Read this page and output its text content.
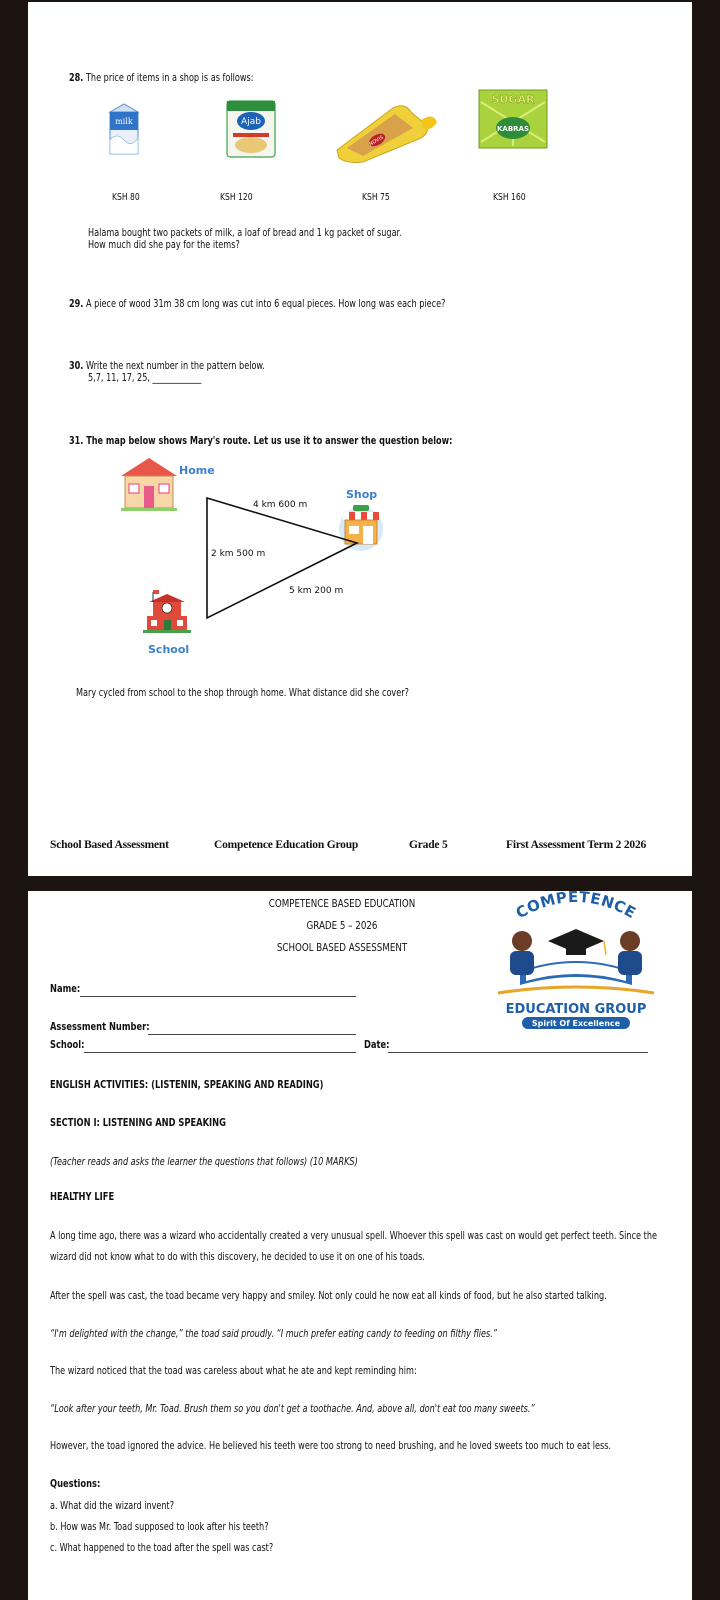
28. The price of items in a shop is as follows:
milk	Ajab
NOVIS
SUGAR
KABRAS
KSH 80	KSH 120	KSH 75	KSH 160
Halama bought two packets of milk, a loaf of bread and 1 kg packet of sugar.
How much did she pay for the items?
29. A piece of wood 31m 38 cm long was cut into 6 equal pieces. How long was each piece?
30. Write the next number in the pattern below.
5,7, 11, 17, 25, ____________
31. The map below shows Mary's route. Let us use it to answer the question below:
Home
Shop
School
4 km 600 m
2 km 500 m
5 km 200 m
Mary cycled from school to the shop through home. What distance did she cover?
School Based Assessment	Competence Education Group	Grade 5	First Assessment Term 2 2026
COMPETENCE BASED EDUCATION
GRADE 5 – 2026
SCHOOL BASED ASSESSMENT
COMPETENCE
EDUCATION GROUP
Spirit Of Excellence
Name:
Assessment Number:
School:	Date:
ENGLISH ACTIVITIES: (LISTENIN, SPEAKING AND READING)
SECTION I: LISTENING AND SPEAKING
(Teacher reads and asks the learner the questions that follows) (10 MARKS)
HEALTHY LIFE
A long time ago, there was a wizard who accidentally created a very unusual spell. Whoever this spell was cast on would get perfect teeth. Since the
wizard did not know what to do with this discovery, he decided to use it on one of his toads.
After the spell was cast, the toad became very happy and smiley. Not only could he now eat all kinds of food, but he also started talking.
“I'm delighted with the change,” the toad said proudly. “I much prefer eating candy to feeding on filthy flies.”
The wizard noticed that the toad was careless about what he ate and kept reminding him:
“Look after your teeth, Mr. Toad. Brush them so you don't get a toothache. And, above all, don't eat too many sweets.”
However, the toad ignored the advice. He believed his teeth were too strong to need brushing, and he loved sweets too much to eat less.
Questions:
a. What did the wizard invent?
b. How was Mr. Toad supposed to look after his teeth?
c. What happened to the toad after the spell was cast?
